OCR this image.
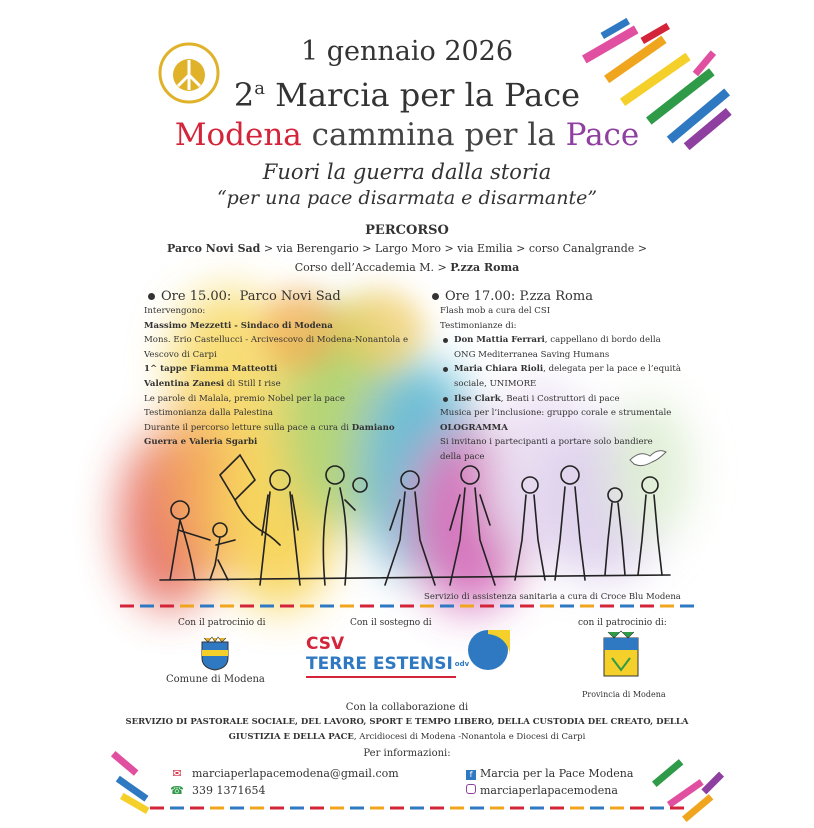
1 gennaio 2026
2$^a$ Marcia per la Pace
Modena cammina per la Pace
Fuori la guerra dalla storia
“per una pace disarmata e disarmante”
PERCORSO
Parco Novi Sad > via Berengario > Largo Moro > via Emilia > corso Canalgrande >
Corso dell’Accademia M. > P.zza Roma
Ore 15.00: Parco Novi Sad

Intervengono:

Massimo Mezzetti - Sindaco di Modena

Mons. Erio Castellucci - Arcivescovo di Modena-Nonantola e

Vescovo di Carpi

1^ tappe Fiamma Matteotti

Valentina Zanesi di Still I rise

Le parole di Malala, premio Nobel per la pace

Testimonianza dalla Palestina

Durante il percorso letture sulla pace a cura di Damiano

Guerra e Valeria Sgarbi

Ore 17.00: P.zza Roma

Flash mob a cura del CSI

Testimonianze di:

Don Mattia Ferrari, cappellano di bordo della

ONG Mediterranea Saving Humans

Maria Chiara Rioli, delegata per la pace e l’equità

sociale, UNIMORE

Ilse Clark, Beati i Costruttori di pace

Musica per l’inclusione: gruppo corale e strumentale

OLOGRAMMA

Si invitano i partecipanti a portare solo bandiere

della pace

Servizio di assistenza sanitaria a cura di Croce Blu Modena
Con il patrocinio di	Con il sostegno di	con il patrocinio di:
Comune di Modena
CSV
TERRE ESTENSI odv
Provincia di Modena
Con la collaborazione di
SERVIZIO DI PASTORALE SOCIALE, DEL LAVORO, SPORT E TEMPO LIBERO, DELLA CUSTODIA DEL CREATO, DELLA
GIUSTIZIA E DELLA PACE, Arcidiocesi di Modena -Nonantola e Diocesi di Carpi
Per informazioni:
✉ marciaperlapacemodena@gmail.com
☎ 339 1371654
f Marcia per la Pace Modena
marciaperlapacemodena
